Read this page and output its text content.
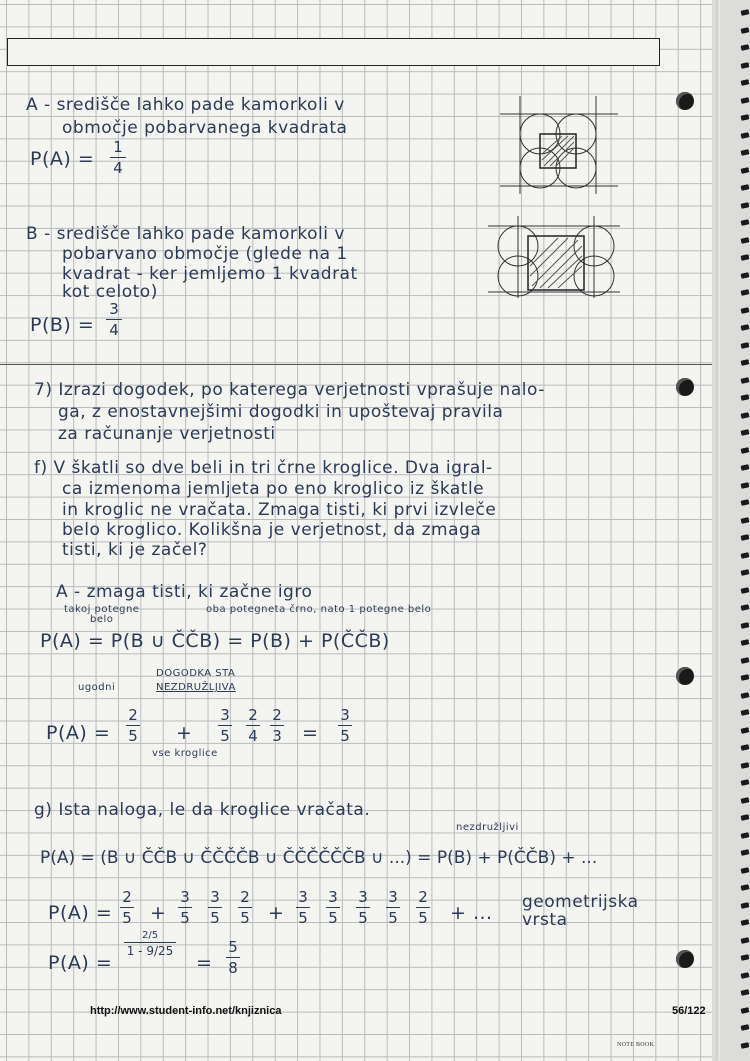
A - središče lahko pade kamorkoli v
območje pobarvanega kvadrata
P(A) =
1
4
B - središče lahko pade kamorkoli v
pobarvano območje (glede na 1
kvadrat - ker jemljemo 1 kvadrat
kot celoto)
P(B) =
3
4
7) Izrazi dogodek, po katerega verjetnosti vprašuje nalo-
ga, z enostavnejšimi dogodki in upoštevaj pravila
za računanje verjetnosti
f) V škatli so dve beli in tri črne kroglice. Dva igral-
ca izmenoma jemljeta po eno kroglico iz škatle
in kroglic ne vračata. Zmaga tisti, ki prvi izvleče
belo kroglico. Kolikšna je verjetnost, da zmaga
tisti, ki je začel?
A - zmaga tisti, ki začne igro
takoj potegne
belo
oba potegneta črno, nato 1 potegne belo
P(A) = P(B ∪ ČČB) = P(B) + P(ČČB)
DOGODKA STA
NEZDRUŽLJIVA
ugodni
P(A) =
2
5 +
3
5
2
4
2
3 =
3
5
vse kroglice
g) Ista naloga, le da kroglice vračata.
nezdružljivi
P(A) = (B ∪ ČČB ∪ ČČČČB ∪ ČČČČČČB ∪ ...) = P(B) + P(ČČB) + ...
P(A) =
2
5 +
3
5
3
5
2
5 +
3
5
3
5
3
5
3
5
2
5 + ... geometrijska
vrsta
P(A) =
2/5
1 - 9/25
=
5
8
http://www.student-info.net/knjiznica	56/122
NOTE BOOK
